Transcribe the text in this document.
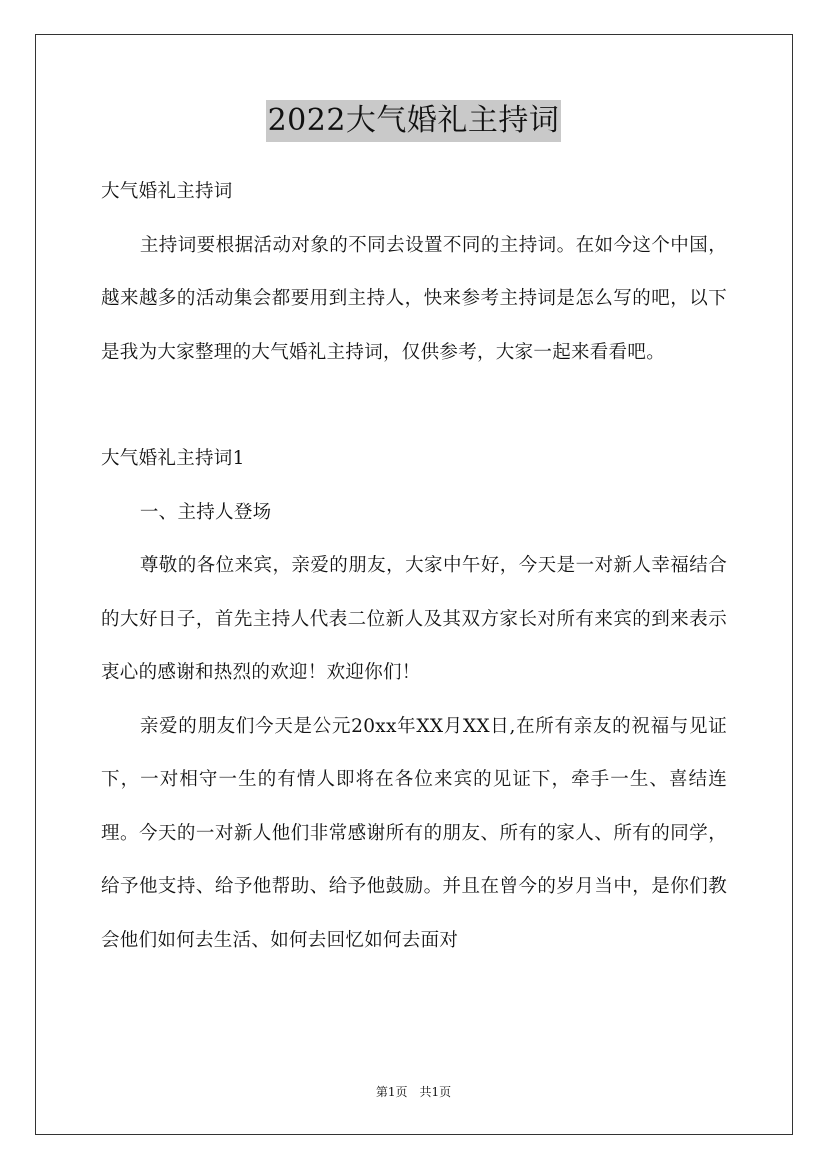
2022大气婚礼主持词

大气婚礼主持词

主持词要根据活动对象的不同去设置不同的主持词。在如今这个中国，越来越多的活动集会都要用到主持人，快来参考主持词是怎么写的吧，以下是我为大家整理的大气婚礼主持词，仅供参考，大家一起来看看吧。

大气婚礼主持词1

一、主持人登场

尊敬的各位来宾，亲爱的朋友，大家中午好，今天是一对新人幸福结合的大好日子，首先主持人代表二位新人及其双方家长对所有来宾的到来表示衷心的感谢和热烈的欢迎！欢迎你们！

亲爱的朋友们今天是公元20xx年XX月XX日,在所有亲友的祝福与见证下，一对相守一生的有情人即将在各位来宾的见证下，牵手一生、喜结连理。今天的一对新人他们非常感谢所有的朋友、所有的家人、所有的同学，给予他支持、给予他帮助、给予他鼓励。并且在曾今的岁月当中，是你们教会他们如何去生活、如何去回忆如何去面对

第1页 共1页
